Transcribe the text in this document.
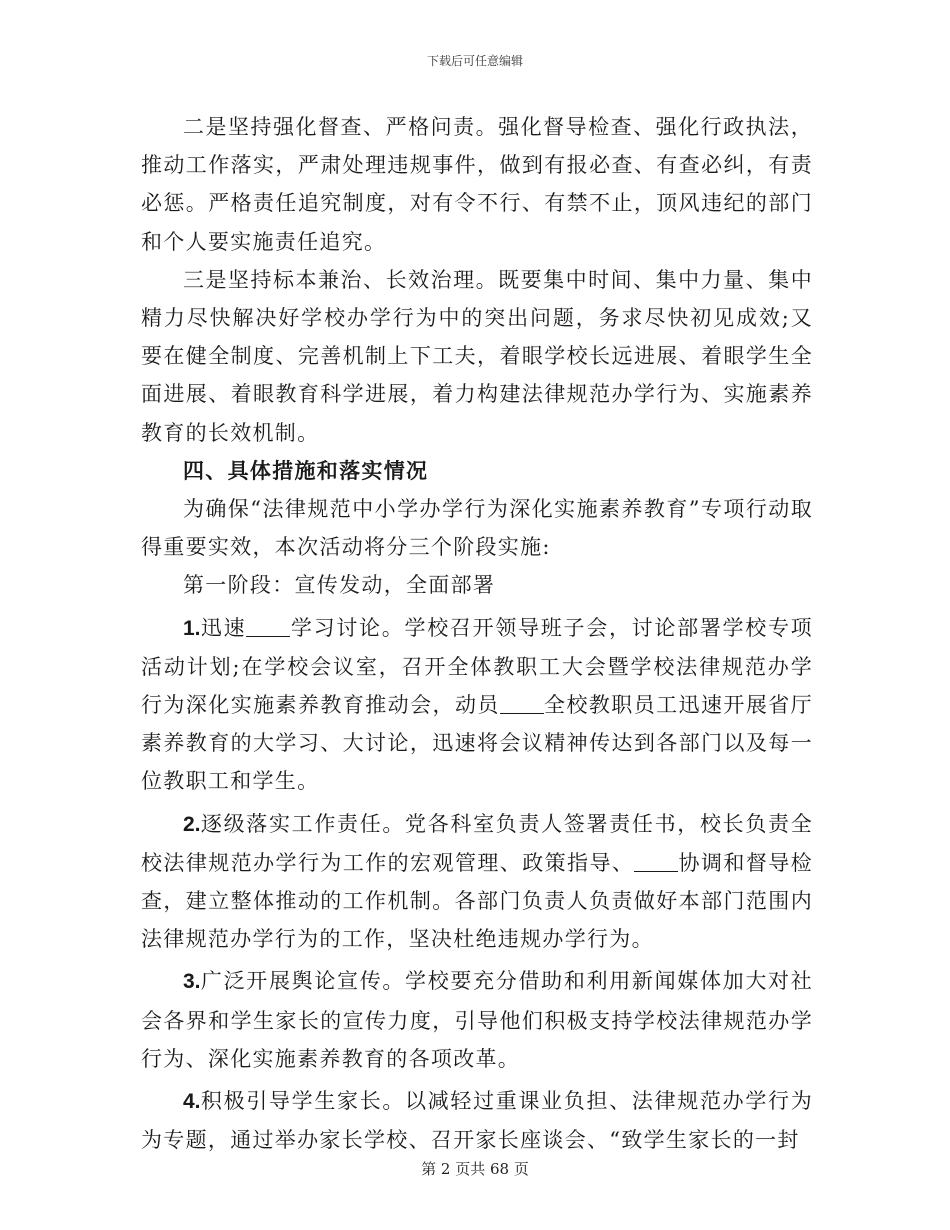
下载后可任意编辑

二是坚持强化督查、严格问责。强化督导检查、强化行政执法，推动工作落实，严肃处理违规事件，做到有报必查、有查必纠，有责必惩。严格责任追究制度，对有令不行、有禁不止，顶风违纪的部门和个人要实施责任追究。

三是坚持标本兼治、长效治理。既要集中时间、集中力量、集中精力尽快解决好学校办学行为中的突出问题，务求尽快初见成效;又要在健全制度、完善机制上下工夫，着眼学校长远进展、着眼学生全面进展、着眼教育科学进展，着力构建法律规范办学行为、实施素养教育的长效机制。

四、具体措施和落实情况

为确保“法律规范中小学办学行为深化实施素养教育”专项行动取得重要实效，本次活动将分三个阶段实施:

第一阶段：宣传发动，全面部署

1.迅速 学习讨论。学校召开领导班子会，讨论部署学校专项活动计划;在学校会议室，召开全体教职工大会暨学校法律规范办学行为深化实施素养教育推动会，动员 全校教职员工迅速开展省厅素养教育的大学习、大讨论，迅速将会议精神传达到各部门以及每一位教职工和学生。

2.逐级落实工作责任。党各科室负责人签署责任书，校长负责全校法律规范办学行为工作的宏观管理、政策指导、 协调和督导检查，建立整体推动的工作机制。各部门负责人负责做好本部门范围内法律规范办学行为的工作，坚决杜绝违规办学行为。

3.广泛开展舆论宣传。学校要充分借助和利用新闻媒体加大对社会各界和学生家长的宣传力度，引导他们积极支持学校法律规范办学行为、深化实施素养教育的各项改革。

4.积极引导学生家长。以减轻过重课业负担、法律规范办学行为为专题，通过举办家长学校、召开家长座谈会、“致学生家长的一封

第 2 页共 68 页
